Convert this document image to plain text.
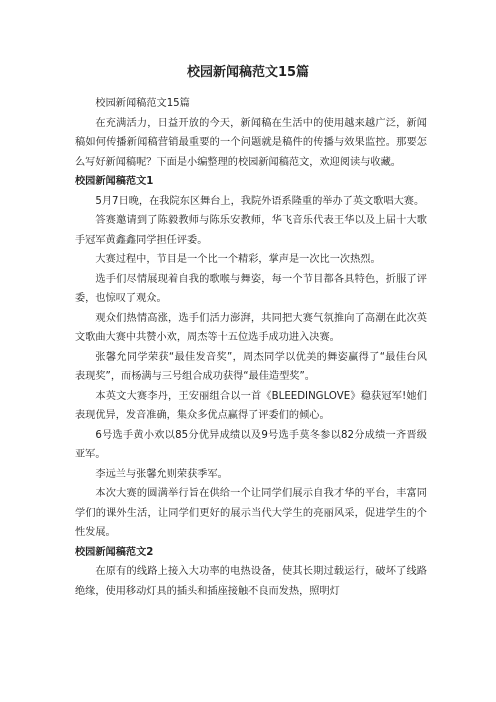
校园新闻稿范文15篇

校园新闻稿范文15篇

在充满活力，日益开放的今天，新闻稿在生活中的使用越来越广泛，新闻稿如何传播新闻稿营销最重要的一个问题就是稿件的传播与效果监控。那要怎么写好新闻稿呢？下面是小编整理的校园新闻稿范文，欢迎阅读与收藏。

校园新闻稿范文1

5月7日晚，在我院东区舞台上，我院外语系隆重的举办了英文歌唱大赛。

答赛邀请到了陈毅教师与陈乐安教师，华飞音乐代表王华以及上届十大歌手冠军黄鑫鑫同学担任评委。

大赛过程中，节目是一个比一个精彩，掌声是一次比一次热烈。

选手们尽情展现着自我的歌喉与舞姿，每一个节目都各具特色，折服了评委，也惊叹了观众。

观众们热情高涨，选手们活力澎湃，共同把大赛气氛推向了高潮在此次英文歌曲大赛中共赞小欢，周杰等十五位选手成功进入决赛。

张馨允同学荣获“最佳发音奖”，周杰同学以优美的舞姿赢得了“最佳台风表现奖”，而杨满与三号组合成功获得“最佳造型奖”。

本英文大赛李丹，王安丽组合以一首《BLEEDINGLOVE》稳获冠军!她们表现优异，发音准确，集众多优点赢得了评委们的倾心。

6号选手黄小欢以85分优异成绩以及9号选手莫冬参以82分成绩一齐晋级亚军。

李远兰与张馨允则荣获季军。

本次大赛的圆满举行旨在供给一个让同学们展示自我才华的平台，丰富同学们的课外生活，让同学们更好的展示当代大学生的亮丽风采，促进学生的个性发展。

校园新闻稿范文2

在原有的线路上接入大功率的电热设备，使其长期过载运行，破坏了线路绝缘，使用移动灯具的插头和插座接触不良而发热，照明灯
